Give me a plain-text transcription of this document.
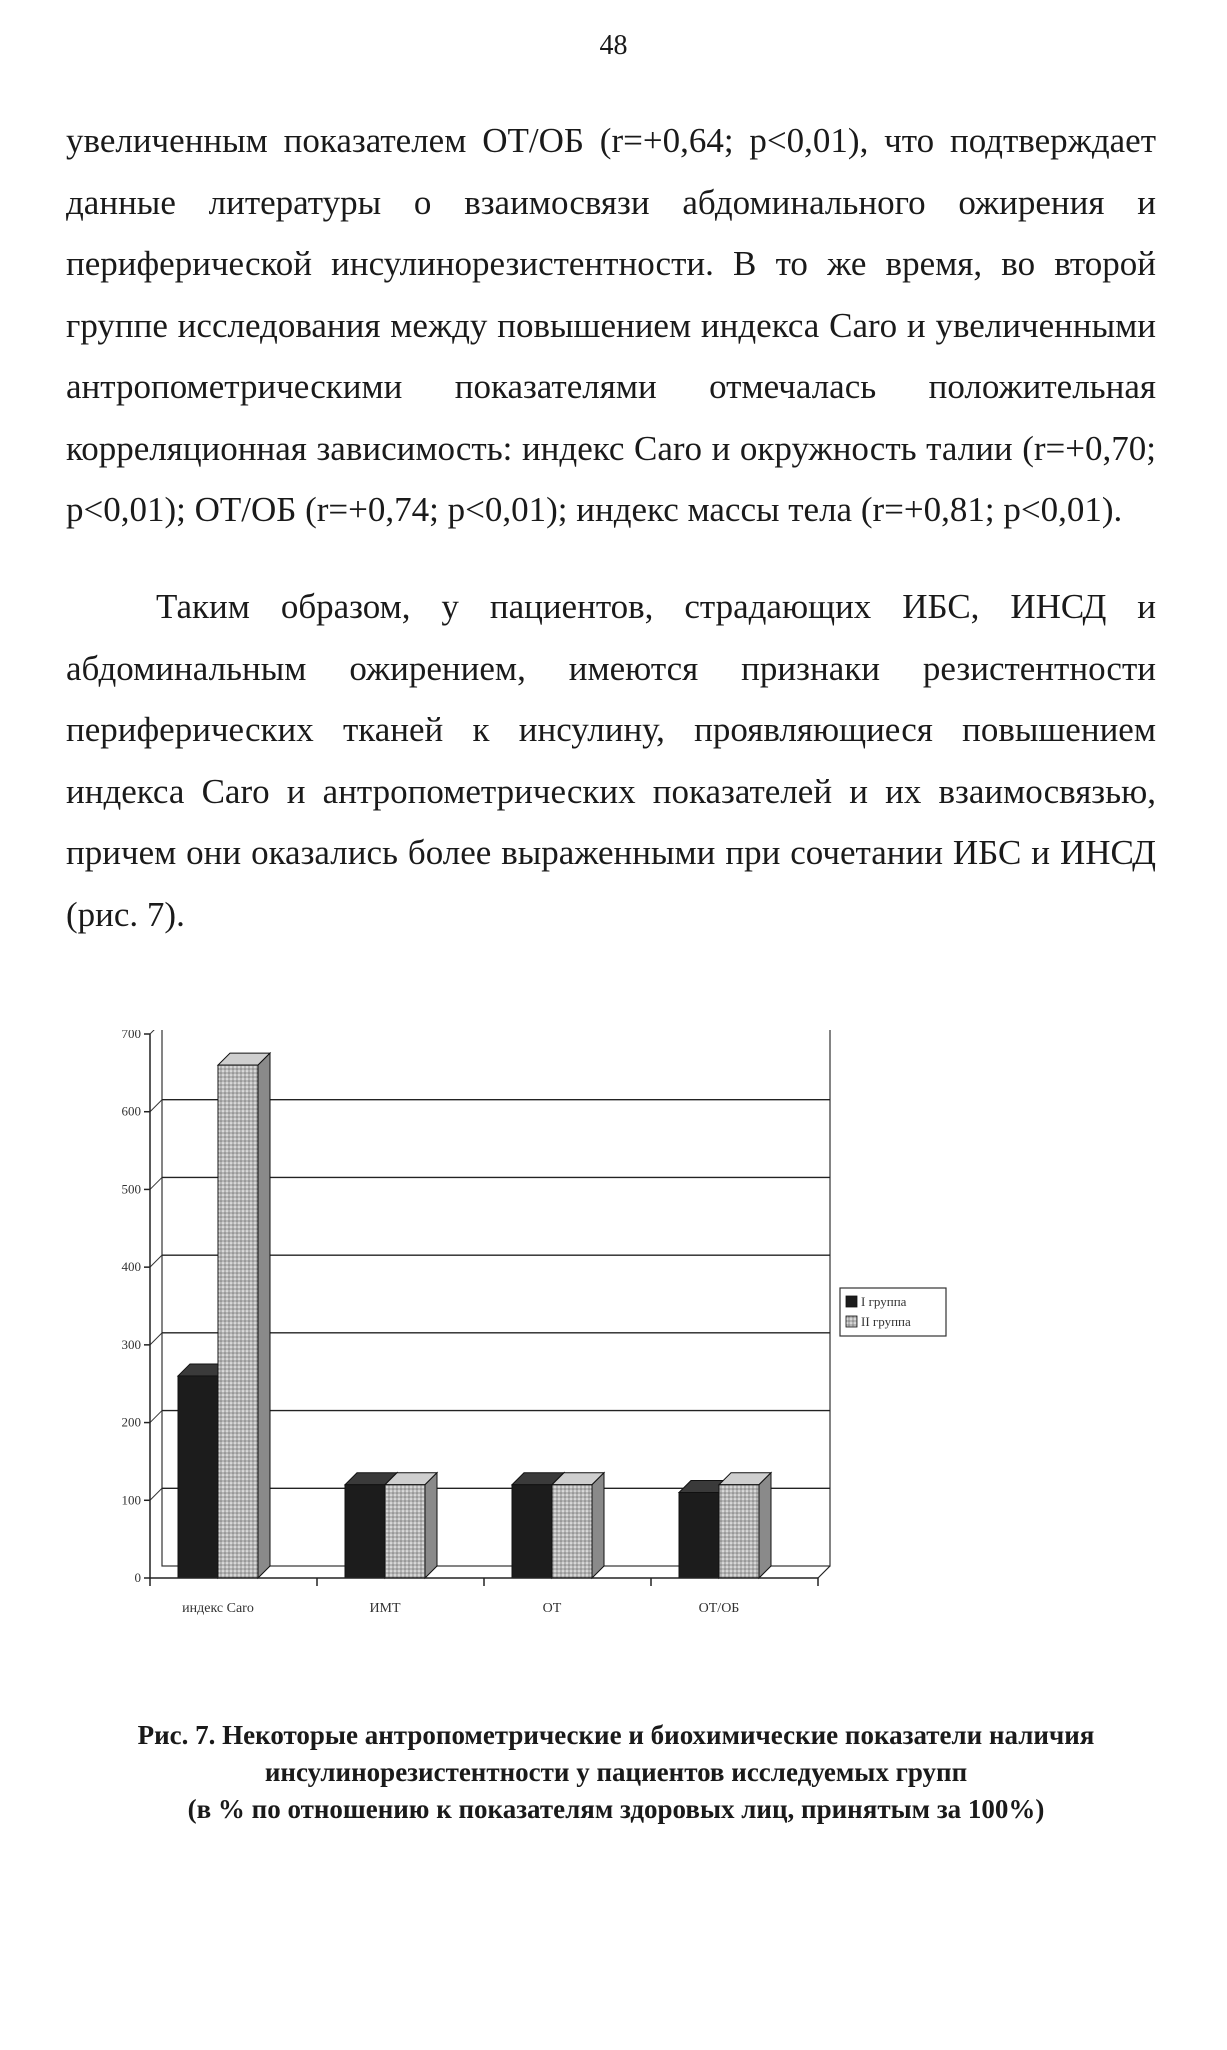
48

увеличенным показателем ОТ/ОБ (r=+0,64; p<0,01), что подтверждает
данные литературы о взаимосвязи абдоминального ожирения и
периферической инсулинорезистентности. В то же время, во второй
группе исследования между повышением индекса Caro и увеличенными
антропометрическими показателями отмечалась положительная
корреляционная зависимость: индекс Caro и окружность талии (r=+0,70;
p<0,01); ОТ/ОБ (r=+0,74; p<0,01); индекс массы тела (r=+0,81; p<0,01).

Таким образом, у пациентов, страдающих ИБС, ИНСД и
абдоминальным ожирением, имеются признаки резистентности
периферических тканей к инсулину, проявляющиеся повышением
индекса Caro и антропометрических показателей и их взаимосвязью,
причем они оказались более выраженными при сочетании ИБС и ИНСД
(рис. 7).

0
100
200
300
400
500
600
700
индекс Caro	ИМТ	ОТ	ОТ/ОБ
I группа
II группа
Рис. 7. Некоторые антропометрические и биохимические показатели наличия
инсулинорезистентности у пациентов исследуемых групп
(в % по отношению к показателям здоровых лиц, принятым за 100%)
